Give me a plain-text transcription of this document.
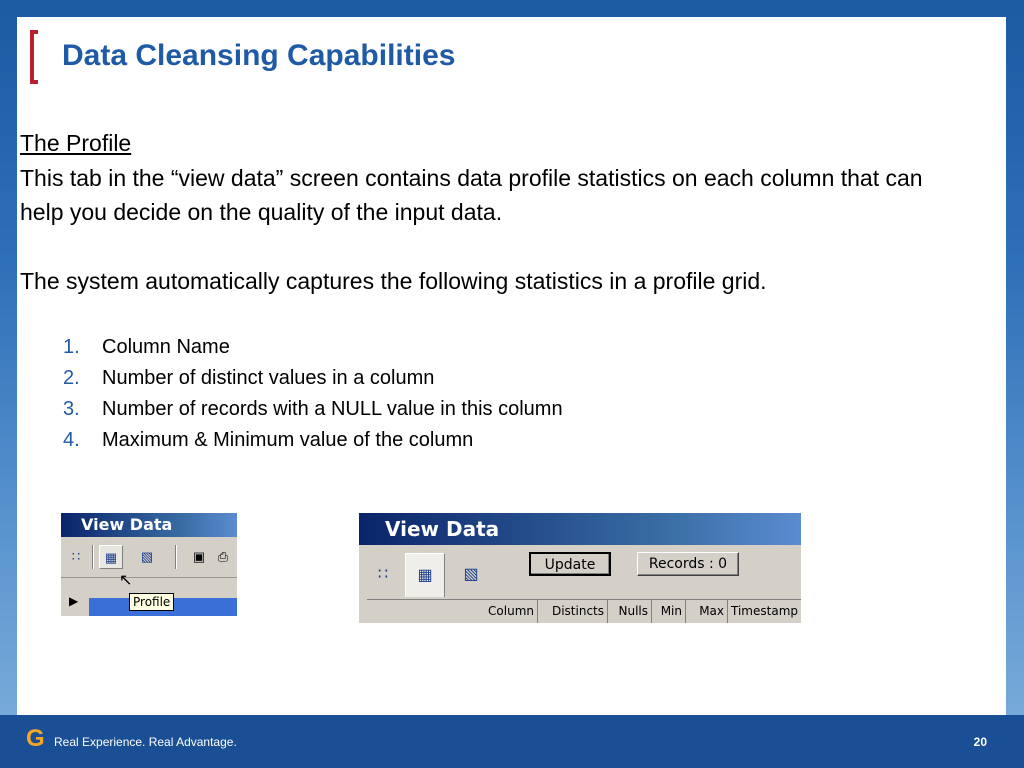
Data Cleansing Capabilities
The Profile

This tab in the “view data” screen contains data profile statistics on each column that can help you decide on the quality of the input data.

The system automatically captures the following statistics in a profile grid.

1. Column Name
2. Number of distinct values in a column
3. Number of records with a NULL value in this column
4. Maximum & Minimum value of the column
View Data
∷	▦	▧	▣ ⎙
▶
↖
Profile
View Data
∷	▦	▧
Update	Records : 0
Column	Distincts	Nulls	Min	Max Timestamp
G Real Experience. Real Advantage.	20
